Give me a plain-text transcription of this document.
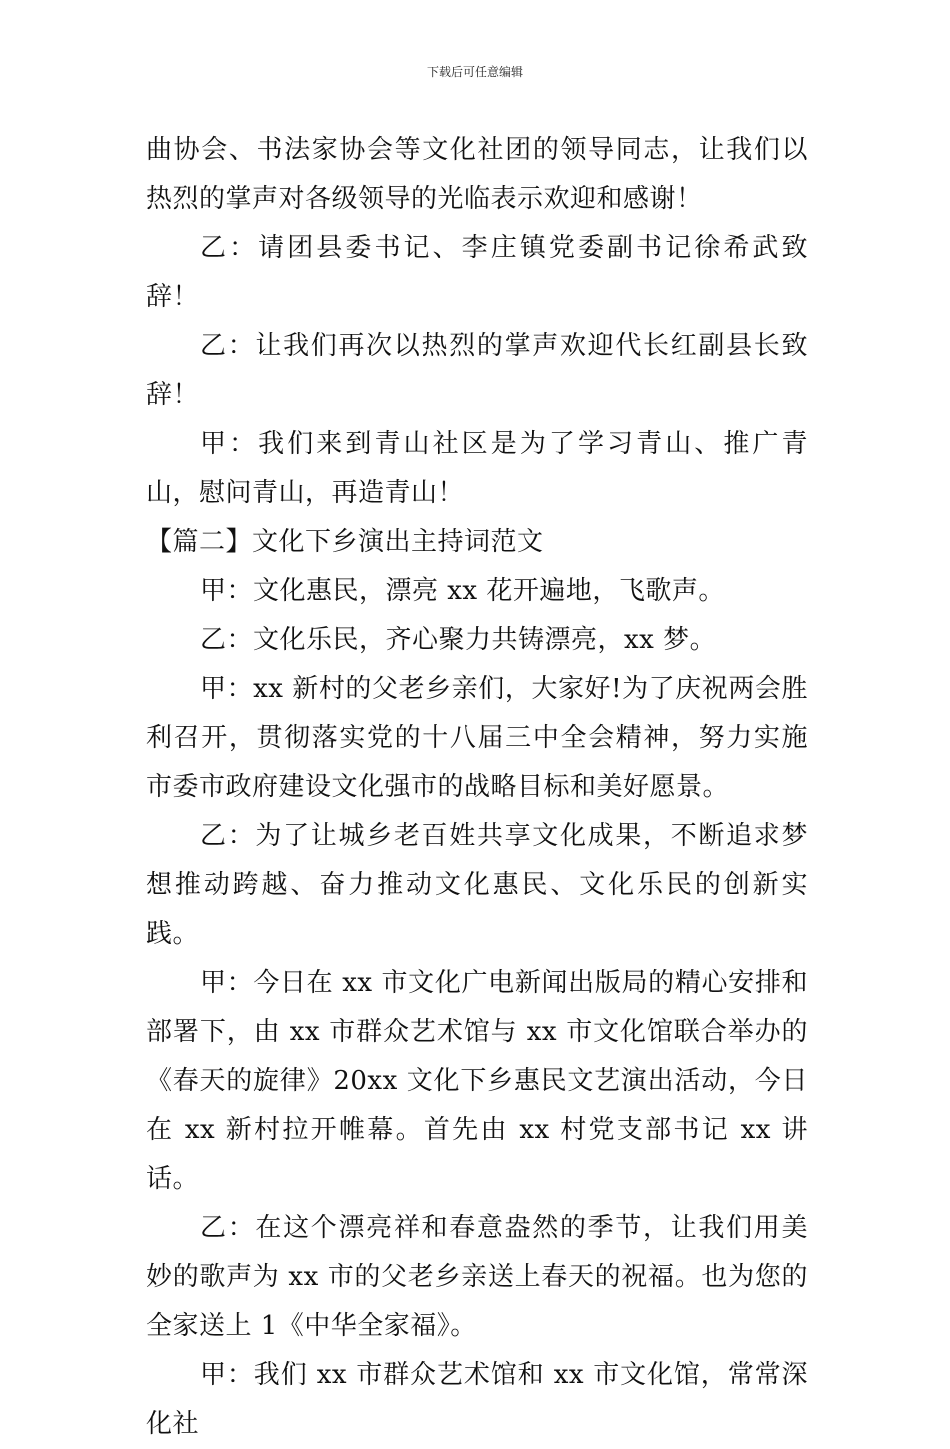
下载后可任意编辑

曲协会、书法家协会等文化社团的领导同志，让我们以热烈的掌声对各级领导的光临表示欢迎和感谢！

乙：请团县委书记、李庄镇党委副书记徐希武致辞！

乙：让我们再次以热烈的掌声欢迎代长红副县长致辞！

甲：我们来到青山社区是为了学习青山、推广青山，慰问青山，再造青山！

【篇二】文化下乡演出主持词范文

甲：文化惠民，漂亮 xx 花开遍地，飞歌声。

乙：文化乐民，齐心聚力共铸漂亮，xx 梦。

甲：xx 新村的父老乡亲们，大家好!为了庆祝两会胜利召开，贯彻落实党的十八届三中全会精神，努力实施市委市政府建设文化强市的战略目标和美好愿景。

乙：为了让城乡老百姓共享文化成果，不断追求梦想推动跨越、奋力推动文化惠民、文化乐民的创新实践。

甲：今日在 xx 市文化广电新闻出版局的精心安排和部署下，由 xx 市群众艺术馆与 xx 市文化馆联合举办的《春天的旋律》20xx 文化下乡惠民文艺演出活动，今日在 xx 新村拉开帷幕。首先由 xx 村党支部书记 xx 讲话。

乙：在这个漂亮祥和春意盎然的季节，让我们用美妙的歌声为 xx 市的父老乡亲送上春天的祝福。也为您的全家送上 1《中华全家福》。

甲：我们 xx 市群众艺术馆和 xx 市文化馆，常常深化社
